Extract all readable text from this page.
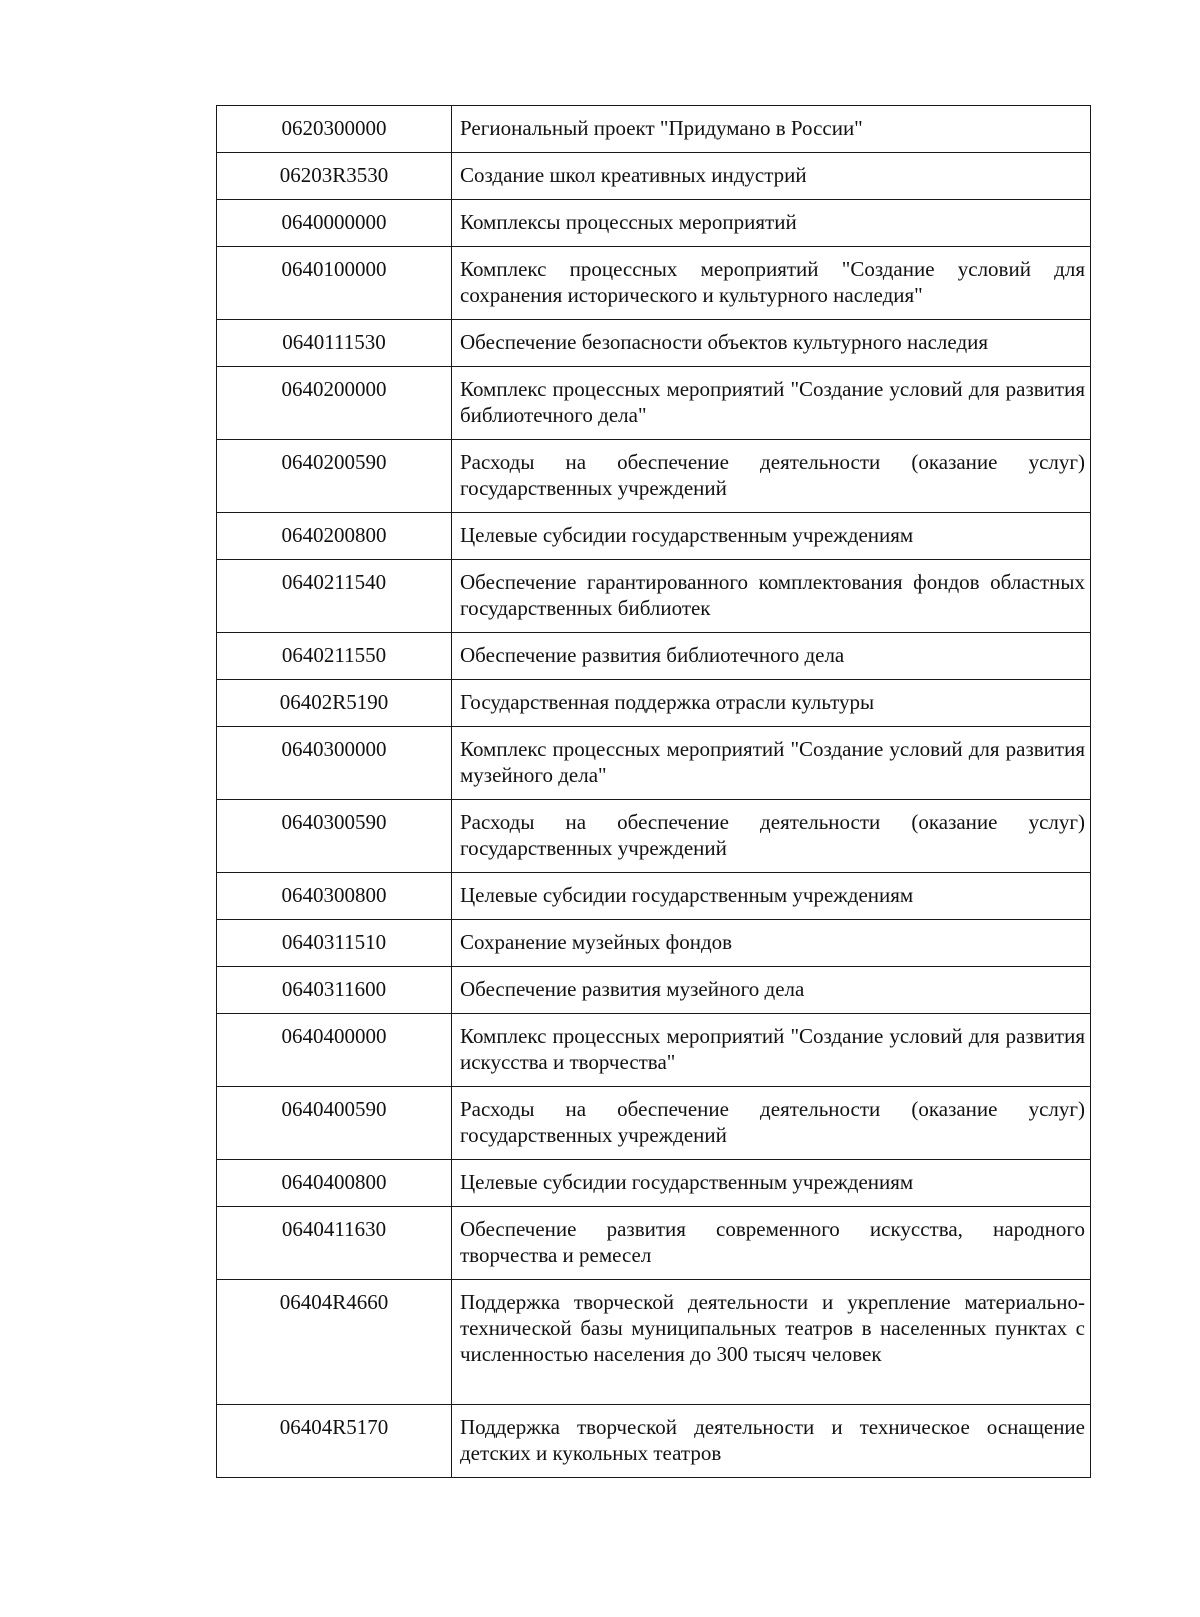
0620300000	Региональный проект "Придумано в России"
06203R3530	Создание школ креативных индустрий
0640000000	Комплексы процессных мероприятий
0640100000	Комплекс процессных мероприятий "Создание условий для сохранения исторического и культурного наследия"
0640111530	Обеспечение безопасности объектов культурного наследия
0640200000	Комплекс процессных мероприятий "Создание условий для развития библиотечного дела"
0640200590	Расходы на обеспечение деятельности (оказание услуг) государственных учреждений
0640200800	Целевые субсидии государственным учреждениям
0640211540	Обеспечение гарантированного комплектования фондов областных государственных библиотек
0640211550	Обеспечение развития библиотечного дела
06402R5190	Государственная поддержка отрасли культуры
0640300000	Комплекс процессных мероприятий "Создание условий для развития музейного дела"
0640300590	Расходы на обеспечение деятельности (оказание услуг) государственных учреждений
0640300800	Целевые субсидии государственным учреждениям
0640311510	Сохранение музейных фондов
0640311600	Обеспечение развития музейного дела
0640400000	Комплекс процессных мероприятий "Создание условий для развития искусства и творчества"
0640400590	Расходы на обеспечение деятельности (оказание услуг) государственных учреждений
0640400800	Целевые субсидии государственным учреждениям
0640411630	Обеспечение развития современного искусства, народного творчества и ремесел
06404R4660	Поддержка творческой деятельности и укрепление материально-технической базы муниципальных театров в населенных пунктах с численностью населения до 300 тысяч человек
06404R5170	Поддержка творческой деятельности и техническое оснащение детских и кукольных театров
